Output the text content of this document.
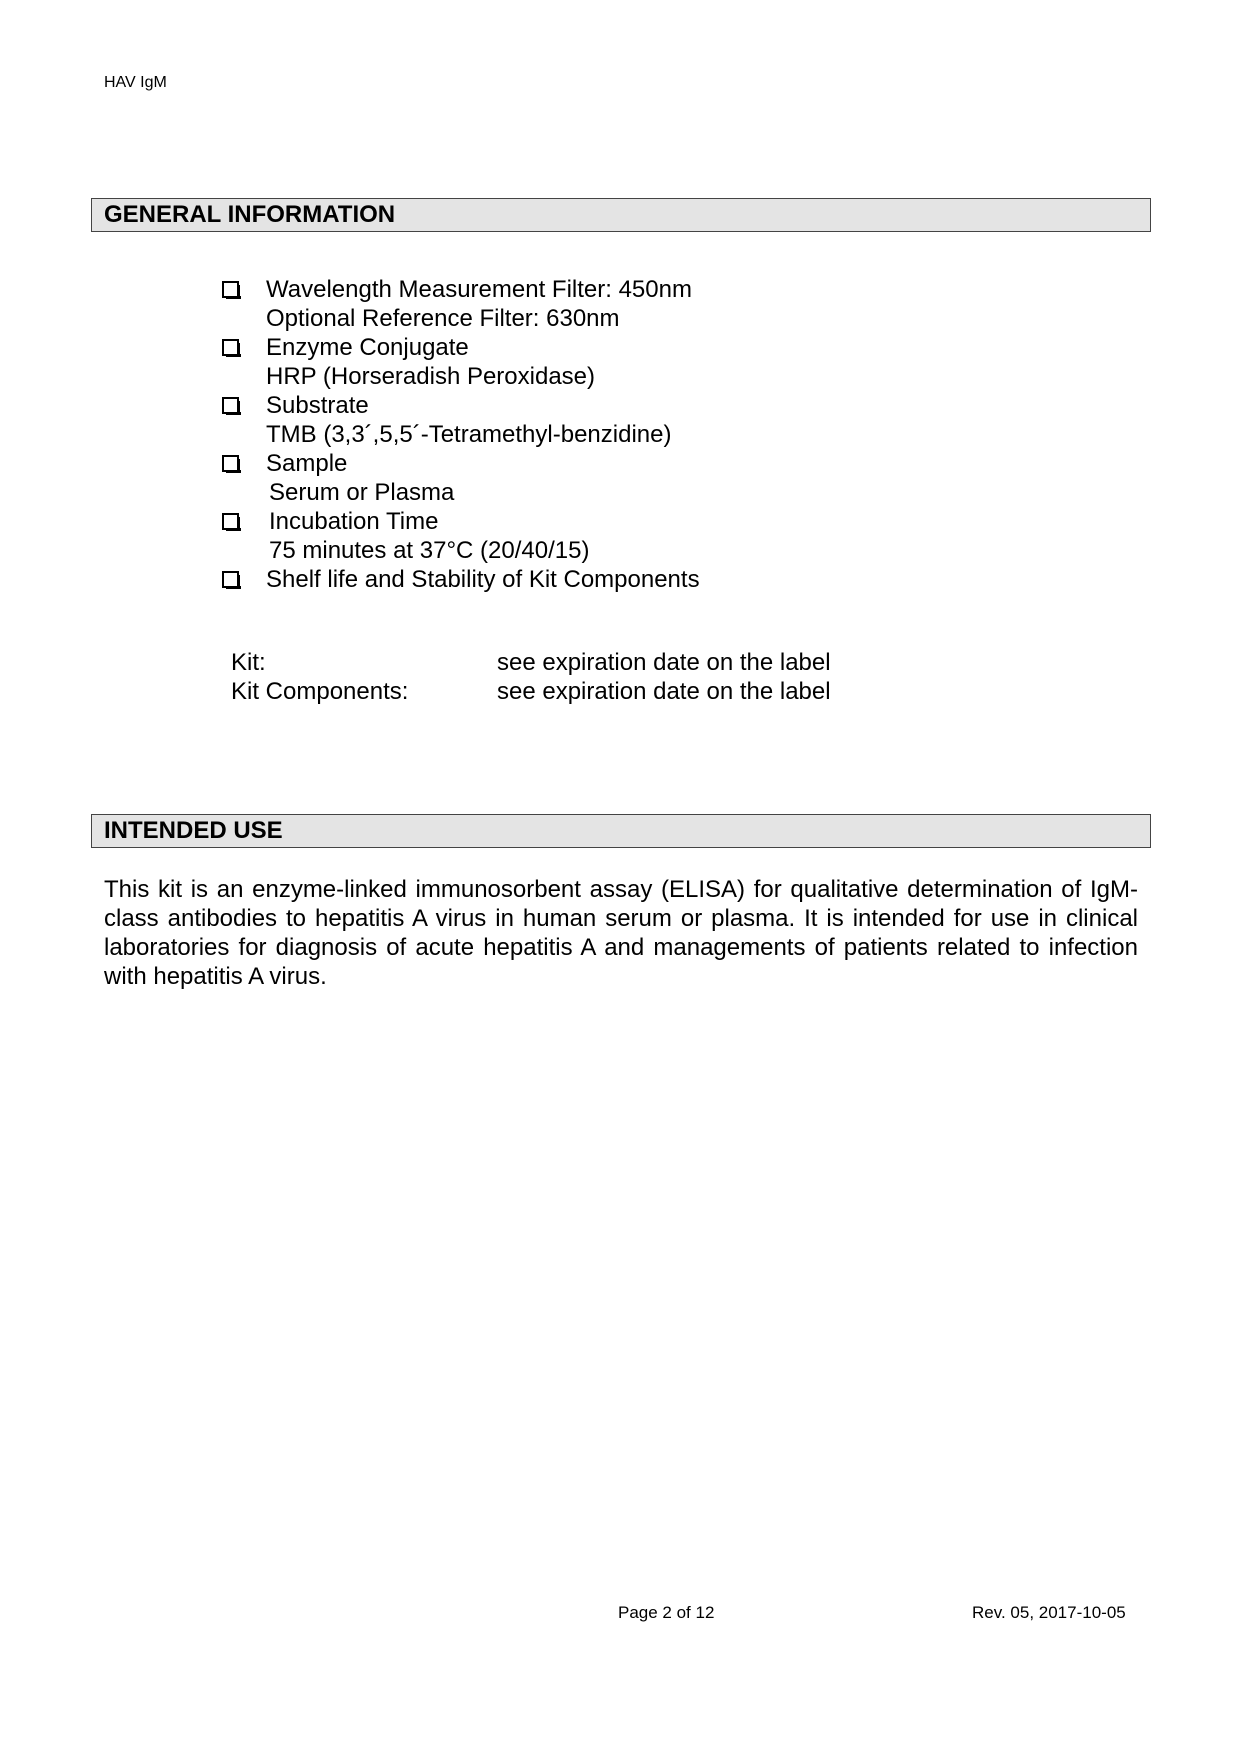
HAV IgM
GENERAL INFORMATION
Wavelength Measurement Filter: 450nm
Optional Reference Filter: 630nm
Enzyme Conjugate
HRP (Horseradish Peroxidase)
Substrate
TMB (3,3´,5,5´-Tetramethyl-benzidine)
Sample
Serum or Plasma
Incubation Time
75 minutes at 37°C (20/40/15)
Shelf life and Stability of Kit Components
Kit:	see expiration date on the label
Kit Components:	see expiration date on the label
INTENDED USE
This kit is an enzyme-linked immunosorbent assay (ELISA) for qualitative determination of IgM-class antibodies to hepatitis A virus in human serum or plasma. It is intended for use in clinical laboratories for diagnosis of acute hepatitis A and managements of patients related to infection with hepatitis A virus.
Page 2 of 12	Rev. 05, 2017-10-05
